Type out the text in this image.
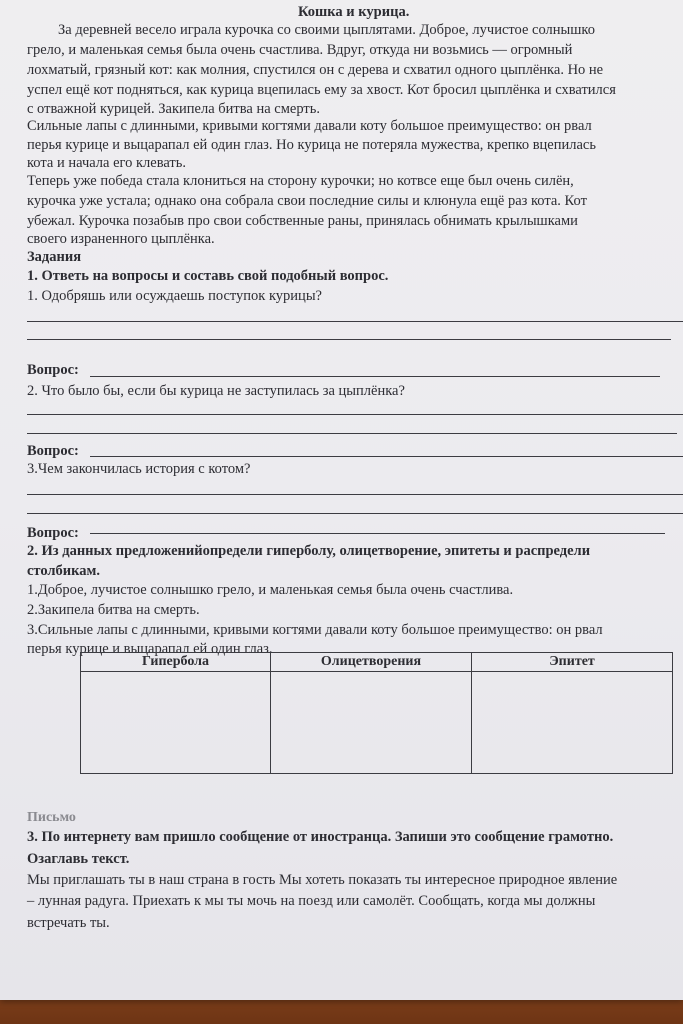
Кошка и курица.
За деревней весело играла курочка со своими цыплятами. Доброе, лучистое солнышко
грело, и маленькая семья была очень счастлива. Вдруг, откуда ни возьмись — огромный
лохматый, грязный кот: как молния, спустился он с дерева и схватил одного цыплёнка. Но не
успел ещё кот подняться, как курица вцепилась ему за хвост. Кот бросил цыплёнка и схватился
с отважной курицей. Закипела битва на смерть.
Сильные лапы с длинными, кривыми когтями давали коту большое преимущество: он рвал
перья курице и выцарапал ей один глаз. Но курица не потеряла мужества, крепко вцепилась
кота и начала его клевать.
Теперь уже победа стала клониться на сторону курочки; но котвсе еще был очень силён,
курочка уже устала; однако она собрала свои последние силы и клюнула ещё раз кота. Кот
убежал. Курочка позабыв про свои собственные раны, принялась обнимать крылышками
своего израненного цыплёнка.
Задания
1. Ответь на вопросы и составь свой подобный вопрос.
1. Одобряшь или осуждаешь поступок курицы?
Вопрос:
2. Что было бы, если бы курица не заступилась за цыплёнка?
Вопрос:
3.Чем закончилась история с котом?
Вопрос:
2. Из данных предложенийопредели гиперболу, олицетворение, эпитеты и распредели
столбикам.
1.Доброе, лучистое солнышко грело, и маленькая семья была очень счастлива.
2.Закипела битва на смерть.
3.Сильные лапы с длинными, кривыми когтями давали коту большое преимущество: он рвал
перья курице и выцарапал ей один глаз.
Гипербола	Олицетворения	Эпитет

Письмо
3. По интернету вам пришло сообщение от иностранца. Запиши это сообщение грамотно.
Озаглавь текст.
Мы приглашать ты в наш страна в гость Мы хотеть показать ты интересное природное явление
– лунная радуга. Приехать к мы ты мочь на поезд или самолёт. Сообщать, когда мы должны
встречать ты.
